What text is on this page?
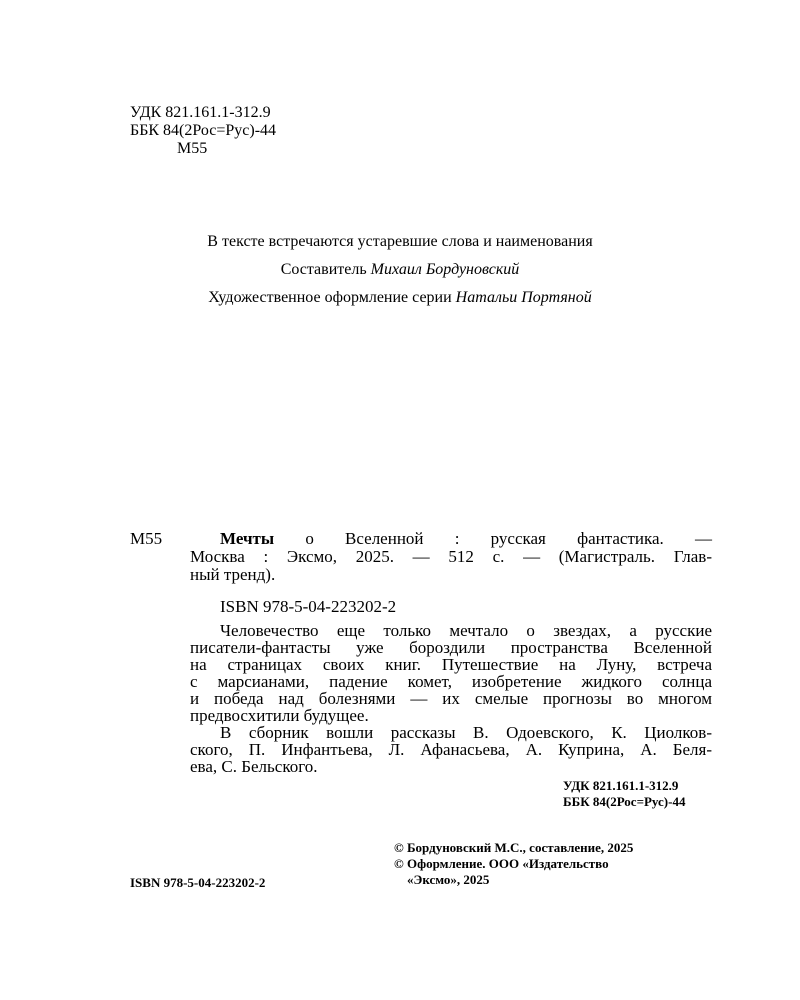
УДК 821.161.1-312.9
ББК 84(2Рос=Рус)-44
М55
В тексте встречаются устаревшие слова и наименования
Составитель Михаил Бордуновский
Художественное оформление серии Натальи Портяной
М55	Мечты о Вселенной : русская фантастика. —
Москва : Эксмо, 2025. — 512 с. — (Магистраль. Глав-
ный тренд).
ISBN 978-5-04-223202-2
Человечество еще только мечтало о звездах, а русские
писатели-фантасты уже бороздили пространства Вселенной
на страницах своих книг. Путешествие на Луну, встреча
с марсианами, падение комет, изобретение жидкого солнца
и победа над болезнями — их смелые прогнозы во многом
предвосхитили будущее.
В сборник вошли рассказы В. Одоевского, К. Циолков-
ского, П. Инфантьева, Л. Афанасьева, А. Куприна, А. Беля-
ева, С. Бельского.
УДК 821.161.1-312.9
ББК 84(2Рос=Рус)-44
© Бордуновский М.С., составление, 2025
© Оформление. ООО «Издательство
«Эксмо», 2025
ISBN 978-5-04-223202-2
